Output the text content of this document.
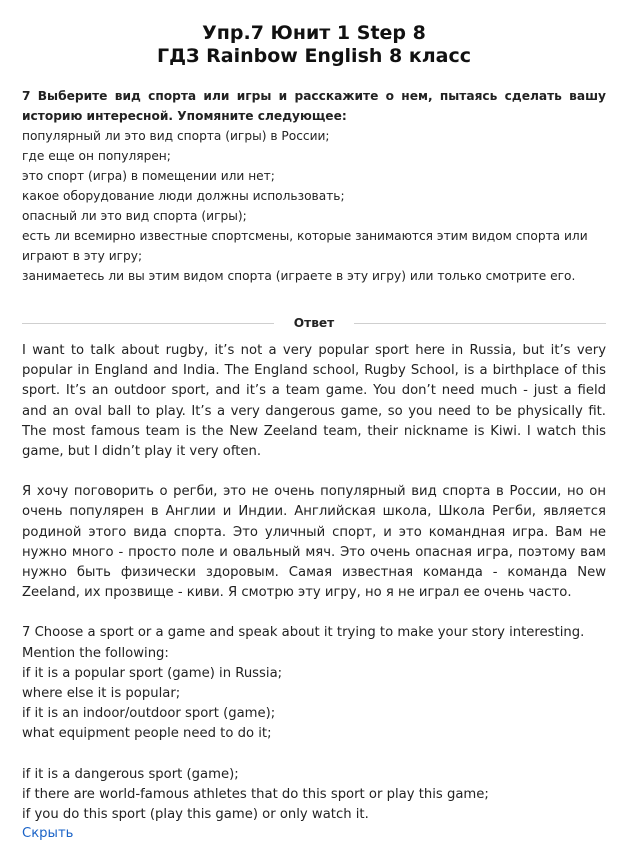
Упр.7 Юнит 1 Step 8
ГДЗ Rainbow English 8 класс
7 Выберите вид спорта или игры и расскажите о нем, пытаясь сделать вашу историю интересной. Упомяните следующее:
популярный ли это вид спорта (игры) в России;
где еще он популярен;
это спорт (игра) в помещении или нет;
какое оборудование люди должны использовать;
опасный ли это вид спорта (игры);
есть ли всемирно известные спортсмены, которые занимаются этим видом спорта или играют в эту игру;
занимаетесь ли вы этим видом спорта (играете в эту игру) или только смотрите его.
Ответ

I want to talk about rugby, it’s not a very popular sport here in Russia, but it’s very popular in England and India. The England school, Rugby School, is a birthplace of this sport. It’s an outdoor sport, and it’s a team game. You don’t need much - just a field and an oval ball to play. It’s a very dangerous game, so you need to be physically fit. The most famous team is the New Zeeland team, their nickname is Kiwi. I watch this game, but I didn’t play it very often.

Я хочу поговорить о регби, это не очень популярный вид спорта в России, но он очень популярен в Англии и Индии. Английская школа, Школа Регби, является родиной этого вида спорта. Это уличный спорт, и это командная игра. Вам не нужно много - просто поле и овальный мяч. Это очень опасная игра, поэтому вам нужно быть физически здоровым. Самая известная команда - команда New Zeeland, их прозвище - киви. Я смотрю эту игру, но я не играл ее очень часто.

7 Choose a sport or a game and speak about it trying to make your story interesting.
Mention the following:
if it is a popular sport (game) in Russia;
where else it is popular;
if it is an indoor/outdoor sport (game);
what equipment people need to do it;
if it is a dangerous sport (game);
if there are world-famous athletes that do this sport or play this game;
if you do this sport (play this game) or only watch it.
Скрыть
